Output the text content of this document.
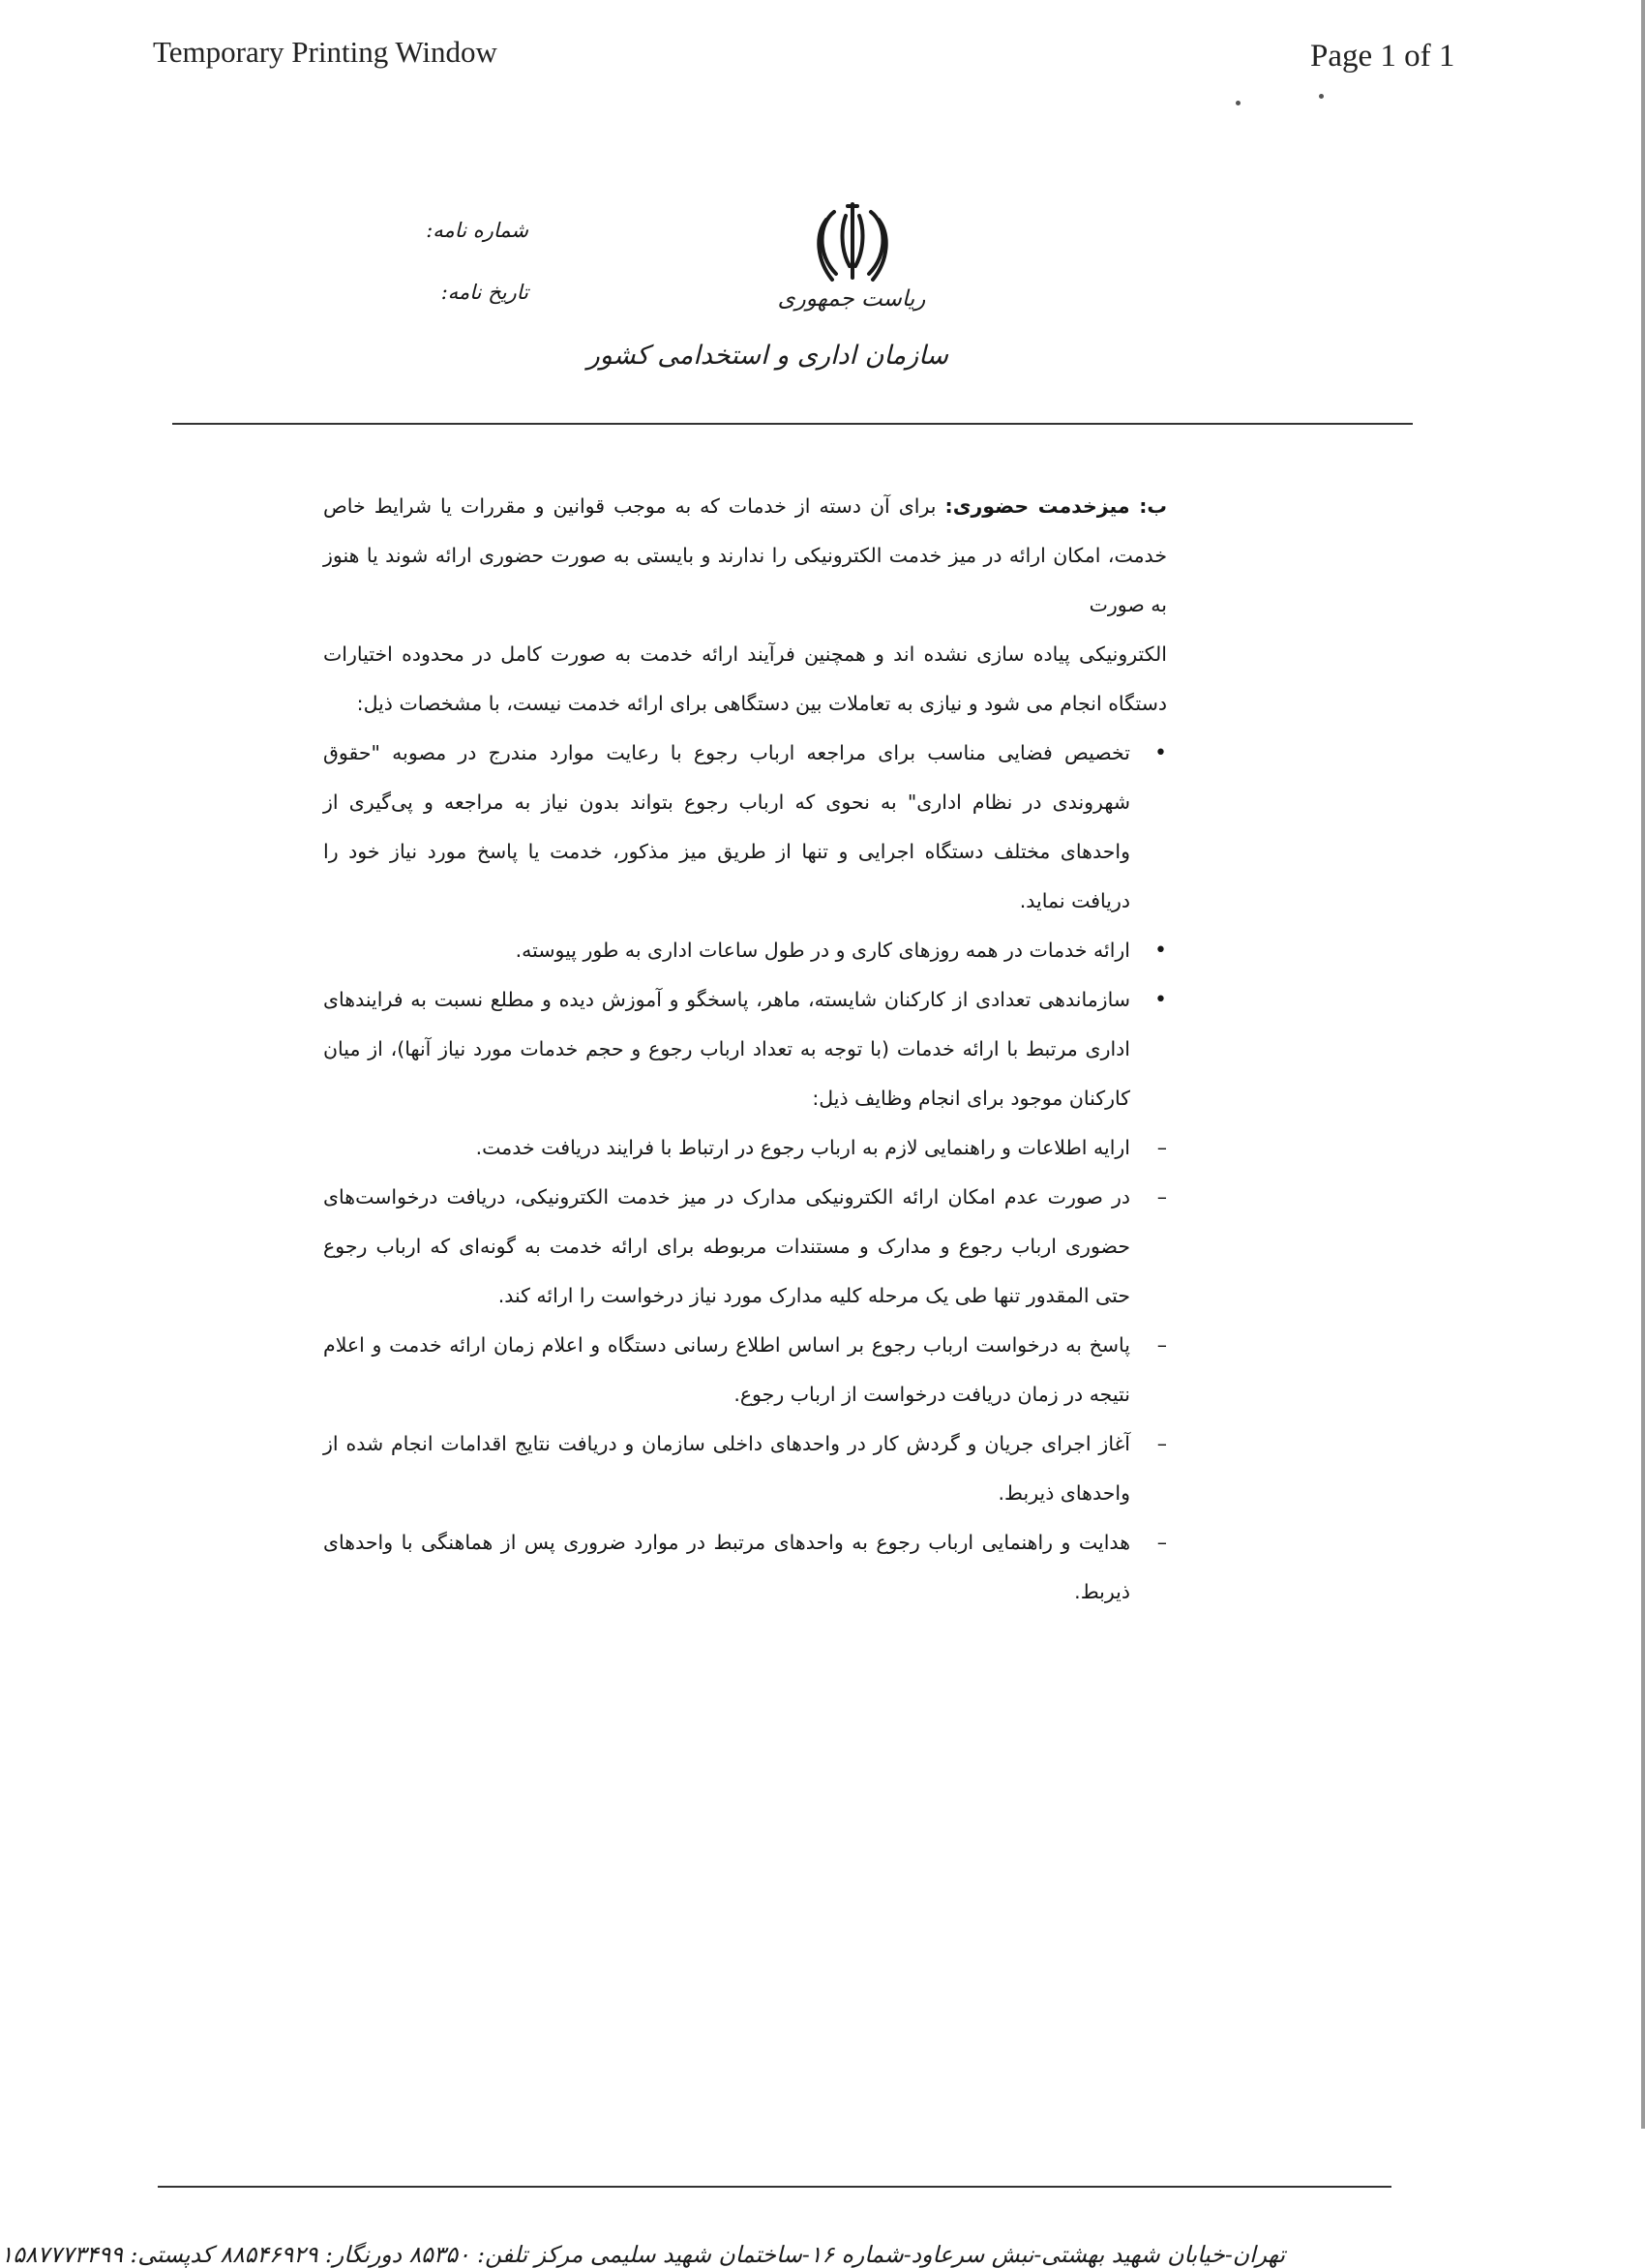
Temporary Printing Window	Page 1 of 1
ریاست جمهوری
سازمان اداری و استخدامی کشور
شماره نامه:
تاریخ نامه:

ب: میزخدمت حضوری: برای آن دسته از خدمات که به موجب قوانین و مقررات یا شرایط خاص خدمت، امکان ارائه در میز خدمت الکترونیکی را ندارند و بایستی به صورت حضوری ارائه شوند یا هنوز به صورت

الکترونیکی پیاده سازی نشده اند و همچنین فرآیند ارائه خدمت به صورت کامل در محدوده اختیارات دستگاه انجام می شود و نیازی به تعاملات بین دستگاهی برای ارائه خدمت نیست، با مشخصات ذیل:

•
تخصیص فضایی مناسب برای مراجعه ارباب رجوع با رعایت موارد مندرج در مصوبه "حقوق شهروندی در نظام اداری" به نحوی که ارباب رجوع بتواند بدون نیاز به مراجعه و پی‌گیری از واحدهای مختلف دستگاه اجرایی و تنها از طریق میز مذکور، خدمت یا پاسخ مورد نیاز خود را دریافت نماید.
•
ارائه خدمات در همه روزهای کاری و در طول ساعات اداری به طور پیوسته.
•
سازماندهی تعدادی از کارکنان شایسته، ماهر، پاسخگو و آموزش دیده و مطلع نسبت به فرایندهای اداری مرتبط با ارائه خدمات (با توجه به تعداد ارباب رجوع و حجم خدمات مورد نیاز آنها)، از میان کارکنان موجود برای انجام وظایف ذیل:
–
ارایه اطلاعات و راهنمایی لازم به ارباب رجوع در ارتباط با فرایند دریافت خدمت.
–
در صورت عدم امکان ارائه الکترونیکی مدارک در میز خدمت الکترونیکی، دریافت درخواست‌های حضوری ارباب رجوع و مدارک و مستندات مربوطه برای ارائه خدمت به گونه‌ای که ارباب رجوع حتی المقدور تنها طی یک مرحله کلیه مدارک مورد نیاز درخواست را ارائه کند.
–
پاسخ به درخواست ارباب رجوع بر اساس اطلاع رسانی دستگاه و اعلام زمان ارائه خدمت و اعلام نتیجه در زمان دریافت درخواست از ارباب رجوع.
–
آغاز اجرای جریان و گردش کار در واحدهای داخلی سازمان و دریافت نتایج اقدامات انجام شده از واحدهای ذیربط.
–
هدایت و راهنمایی ارباب رجوع به واحدهای مرتبط در موارد ضروری پس از هماهنگی با واحدهای ذیربط.
تهران-خیابان شهید بهشتی-نبش سرعاود-شماره ۱۶-ساختمان شهید سلیمی مرکز تلفن: ۸۵۳۵۰ دورنگار: ۸۸۵۴۶۹۲۹ کدپستی: ۱۵۸۷۷۷۳۴۹۹
